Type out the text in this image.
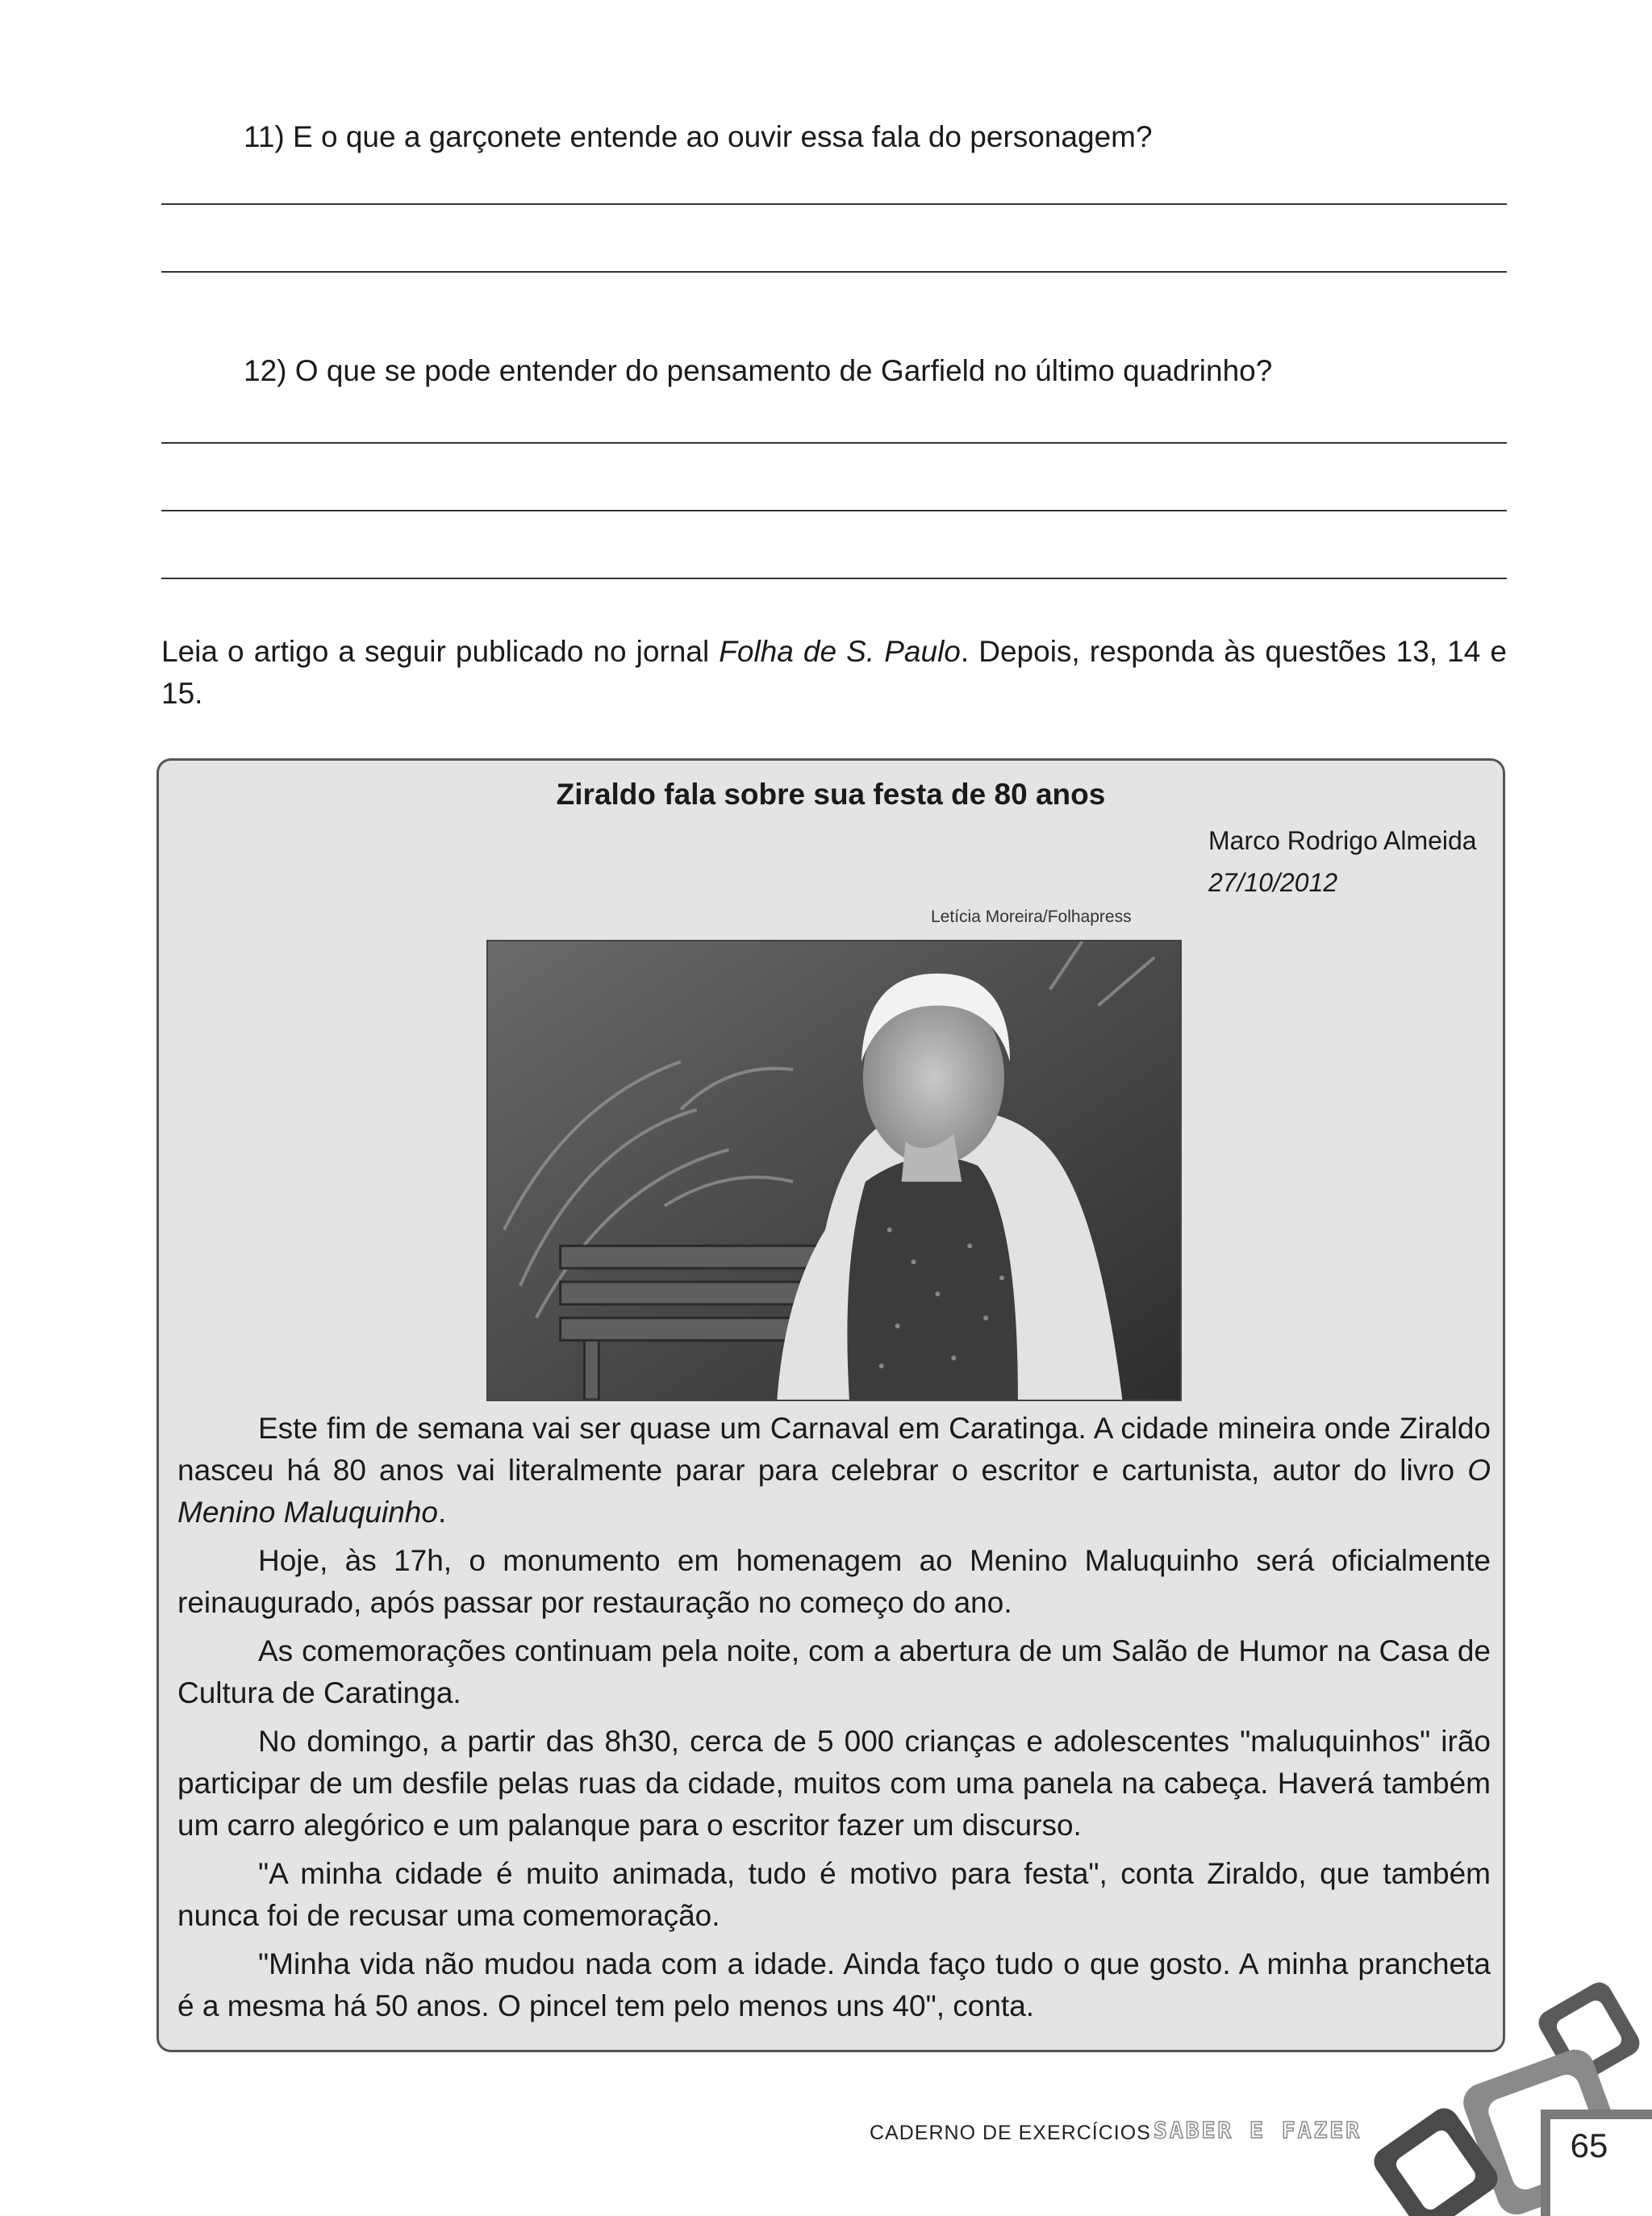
11) E o que a garçonete entende ao ouvir essa fala do personagem?
12) O que se pode entender do pensamento de Garfield no último quadrinho?
Leia o artigo a seguir publicado no jornal Folha de S. Paulo. Depois, responda às questões 13, 14 e 15.
Ziraldo fala sobre sua festa de 80 anos
Marco Rodrigo Almeida
27/10/2012
Letícia Moreira/Folhapress

Este fim de semana vai ser quase um Carnaval em Caratinga. A cidade mineira onde Ziraldo nasceu há 80 anos vai literalmente parar para celebrar o escritor e cartunista, autor do livro O Menino Maluquinho.

Hoje, às 17h, o monumento em homenagem ao Menino Maluquinho será oficialmente reinaugurado, após passar por restauração no começo do ano.

As comemorações continuam pela noite, com a abertura de um Salão de Humor na Casa de Cultura de Caratinga.

No domingo, a partir das 8h30, cerca de 5 000 crianças e adolescentes "maluquinhos" irão participar de um desfile pelas ruas da cidade, muitos com uma panela na cabeça. Haverá também um carro alegórico e um palanque para o escritor fazer um discurso.

"A minha cidade é muito animada, tudo é motivo para festa", conta Ziraldo, que também nunca foi de recusar uma comemoração.

"Minha vida não mudou nada com a idade. Ainda faço tudo o que gosto. A minha prancheta é a mesma há 50 anos. O pincel tem pelo menos uns 40", conta.

CADERNO DE EXERCÍCIOS SABER E FAZER	65
